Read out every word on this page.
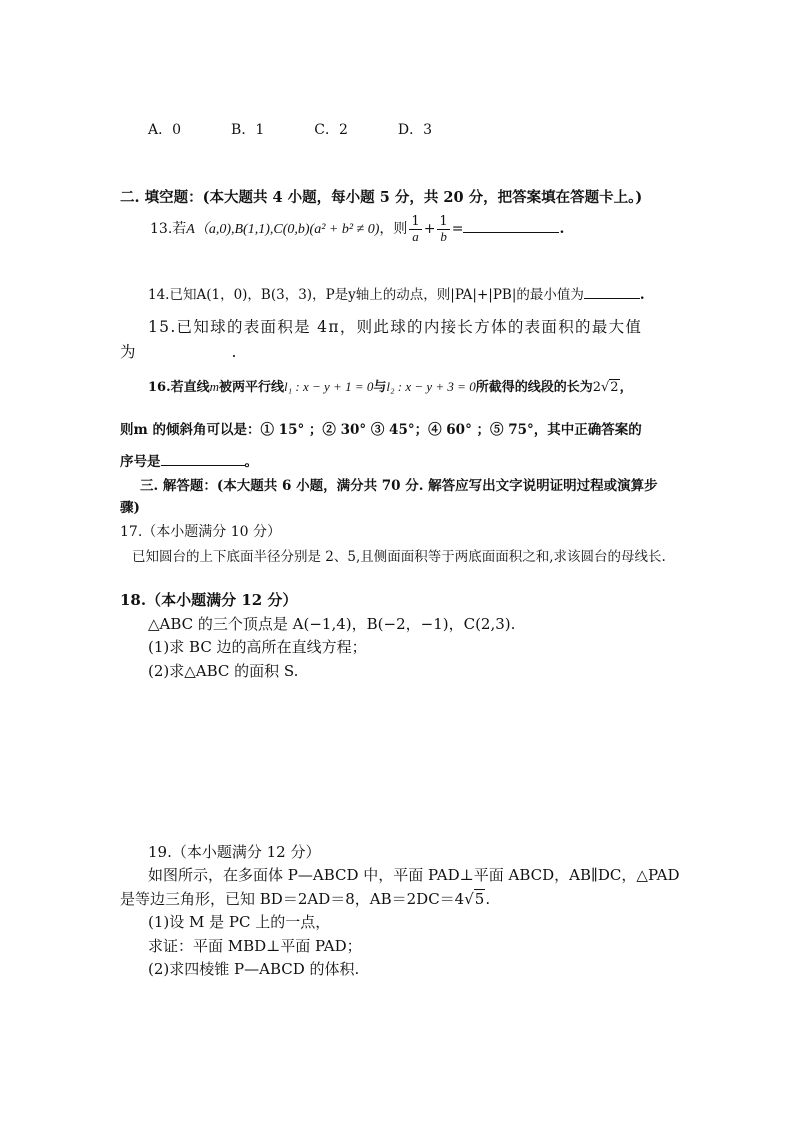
A．0	B．1	C．2	D．3
二. 填空题：(本大题共 4 小题，每小题 5 分，共 20 分，把答案填在答题卡上。)
13.若A（a,0),B(1,1),C(0,b)(a² + b² ≠ 0)，则 $\frac{1}{a} + \frac{1}{b}$ =	.
14.已知A(1，0)，B(3，3)，P是y轴上的动点，则|PA|+|PB|的最小值为	.
15.已知球的表面积是 4π，则此球的内接长方体的表面积的最大值
为	.
16.若直线m被两平行线l₁ : x − y + 1 = 0与l₂ : x − y + 3 = 0所截得的线段的长为2√2，
则m 的倾斜角可以是：① 15° ；② 30° ③ 45°；④ 60° ；⑤ 75°，其中正确答案的
序号是	。
三. 解答题：(本大题共 6 小题，满分共 70 分. 解答应写出文字说明证明过程或演算步
骤)
17.（本小题满分 10 分）
已知圆台的上下底面半径分别是 2、5,且侧面面积等于两底面面积之和,求该圆台的母线长.
18.（本小题满分 12 分）
△ABC 的三个顶点是 A(−1,4)，B(−2，−1)，C(2,3).
(1)求 BC 边的高所在直线方程；
(2)求△ABC 的面积 S.
19.（本小题满分 12 分）
如图所示，在多面体 P—ABCD 中，平面 PAD⊥平面 ABCD，AB∥DC，△PAD
是等边三角形，已知 BD＝2AD＝8，AB＝2DC＝4√5.
(1)设 M 是 PC 上的一点，
求证：平面 MBD⊥平面 PAD；
(2)求四棱锥 P—ABCD 的体积.
